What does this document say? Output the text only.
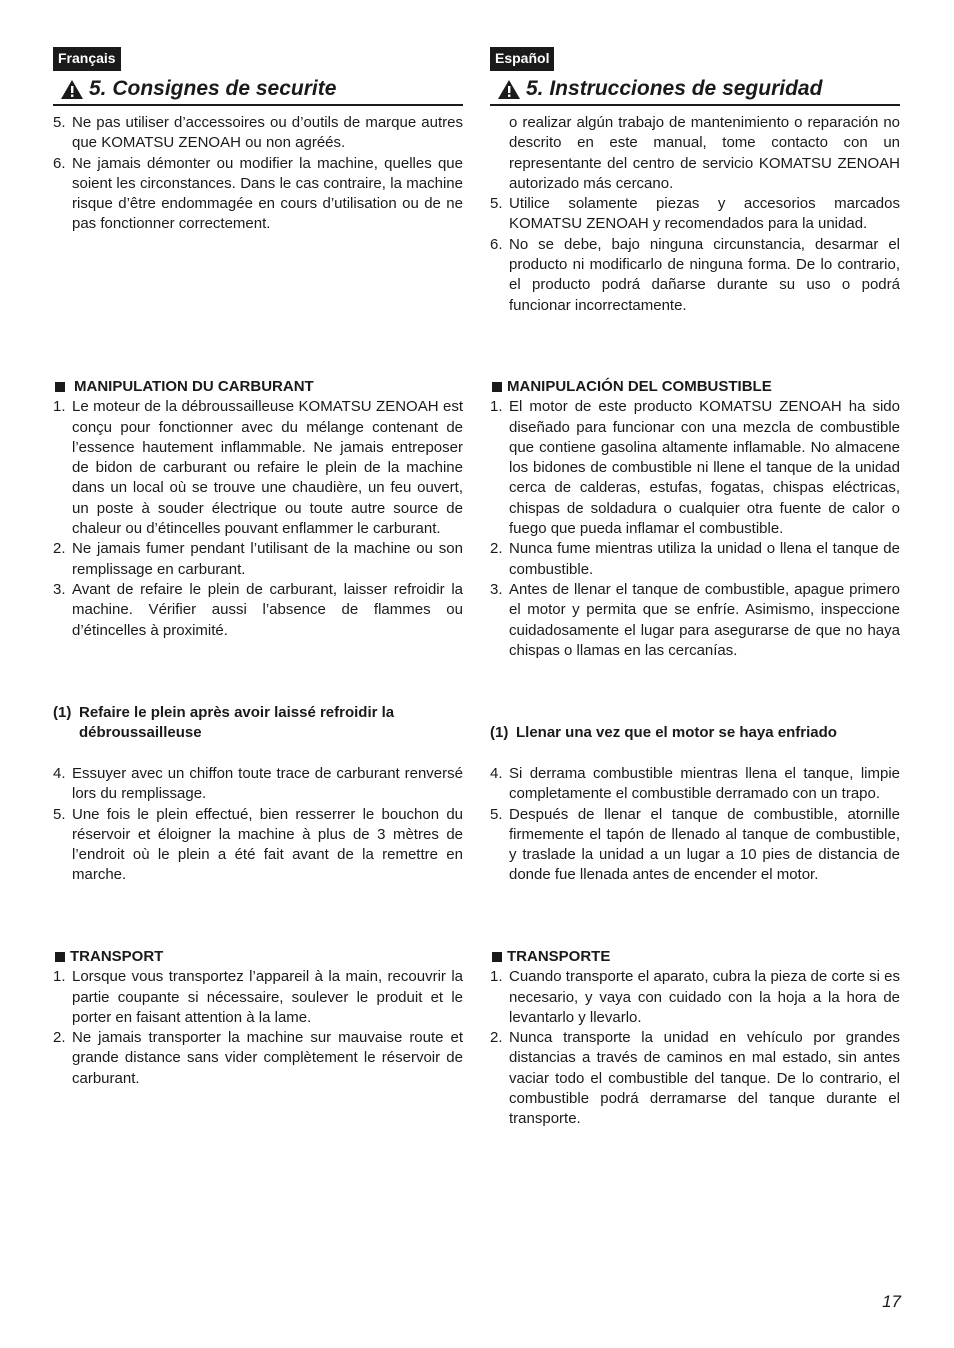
Français
5. Consignes de securite
5. Ne pas utiliser d’accessoires ou d’outils de marque autres que KOMATSU ZENOAH ou non agréés.
6. Ne jamais démonter ou modifier la machine, quelles que soient les circonstances. Dans le cas contraire, la machine risque d’être endommagée en cours d’utilisation ou de ne pas fonctionner correctement.
MANIPULATION DU CARBURANT
1. Le moteur de la débroussailleuse KOMATSU ZENOAH est conçu pour fonctionner avec du mélange contenant de l’essence hautement inflammable. Ne jamais entreposer de bidon de carburant ou refaire le plein de la machine dans un local où se trouve une chaudière, un feu ouvert, un poste à souder électrique ou toute autre source de chaleur ou d’étincelles pouvant enflammer le carburant.
2. Ne jamais fumer pendant l’utilisant de la machine ou son remplissage en carburant.
3. Avant de refaire le plein de carburant, laisser refroidir la machine. Vérifier aussi l’absence de flammes ou d’étincelles à proximité.
(1) Refaire le plein après avoir laissé refroidir la débroussailleuse
4. Essuyer avec un chiffon toute trace de carburant renversé lors du remplissage.
5. Une fois le plein effectué, bien resserrer le bouchon du réservoir et éloigner la machine à plus de 3 mètres de l’endroit où le plein a été fait avant de la remettre en marche.
TRANSPORT
1. Lorsque vous transportez l’appareil à la main, recouvrir la partie coupante si nécessaire, soulever le produit et le porter en faisant attention à la lame.
2. Ne jamais transporter la machine sur mauvaise route et grande distance sans vider complètement le réservoir de carburant.
Español
5. Instrucciones de seguridad
o realizar algún trabajo de mantenimiento o reparación no descrito en este manual, tome contacto con un representante del centro de servicio KOMATSU ZENOAH autorizado más cercano.
5. Utilice solamente piezas y accesorios marcados KOMATSU ZENOAH y recomendados para la unidad.
6. No se debe, bajo ninguna circunstancia, desarmar el producto ni modificarlo de ninguna forma. De lo contrario, el producto podrá dañarse durante su uso o podrá funcionar incorrectamente.
MANIPULACIÓN DEL COMBUSTIBLE
1. El motor de este producto KOMATSU ZENOAH ha sido diseñado para funcionar con una mezcla de combustible que contiene gasolina altamente inflamable. No almacene los bidones de combustible ni llene el tanque de la unidad cerca de calderas, estufas, fogatas, chispas eléctricas, chispas de soldadura o cualquier otra fuente de calor o fuego que pueda inflamar el combustible.
2. Nunca fume mientras utiliza la unidad o llena el tanque de combustible.
3. Antes de llenar el tanque de combustible, apague primero el motor y permita que se enfríe. Asimismo, inspeccione cuidadosamente el lugar para asegurarse de que no haya chispas o llamas en las cercanías.
(1) Llenar una vez que el motor se haya enfriado
4. Si derrama combustible mientras llena el tanque, limpie completamente el combustible derramado con un trapo.
5. Después de llenar el tanque de combustible, atornille firmemente el tapón de llenado al tanque de combustible, y traslade la unidad a un lugar a 10 pies de distancia de donde fue llenada antes de encender el motor.
TRANSPORTE
1. Cuando transporte el aparato, cubra la pieza de corte si es necesario, y vaya con cuidado con la hoja a la hora de levantarlo y llevarlo.
2. Nunca transporte la unidad en vehículo por grandes distancias a través de caminos en mal estado, sin antes vaciar todo el combustible del tanque. De lo contrario, el combustible podrá derramarse del tanque durante el transporte.
17
